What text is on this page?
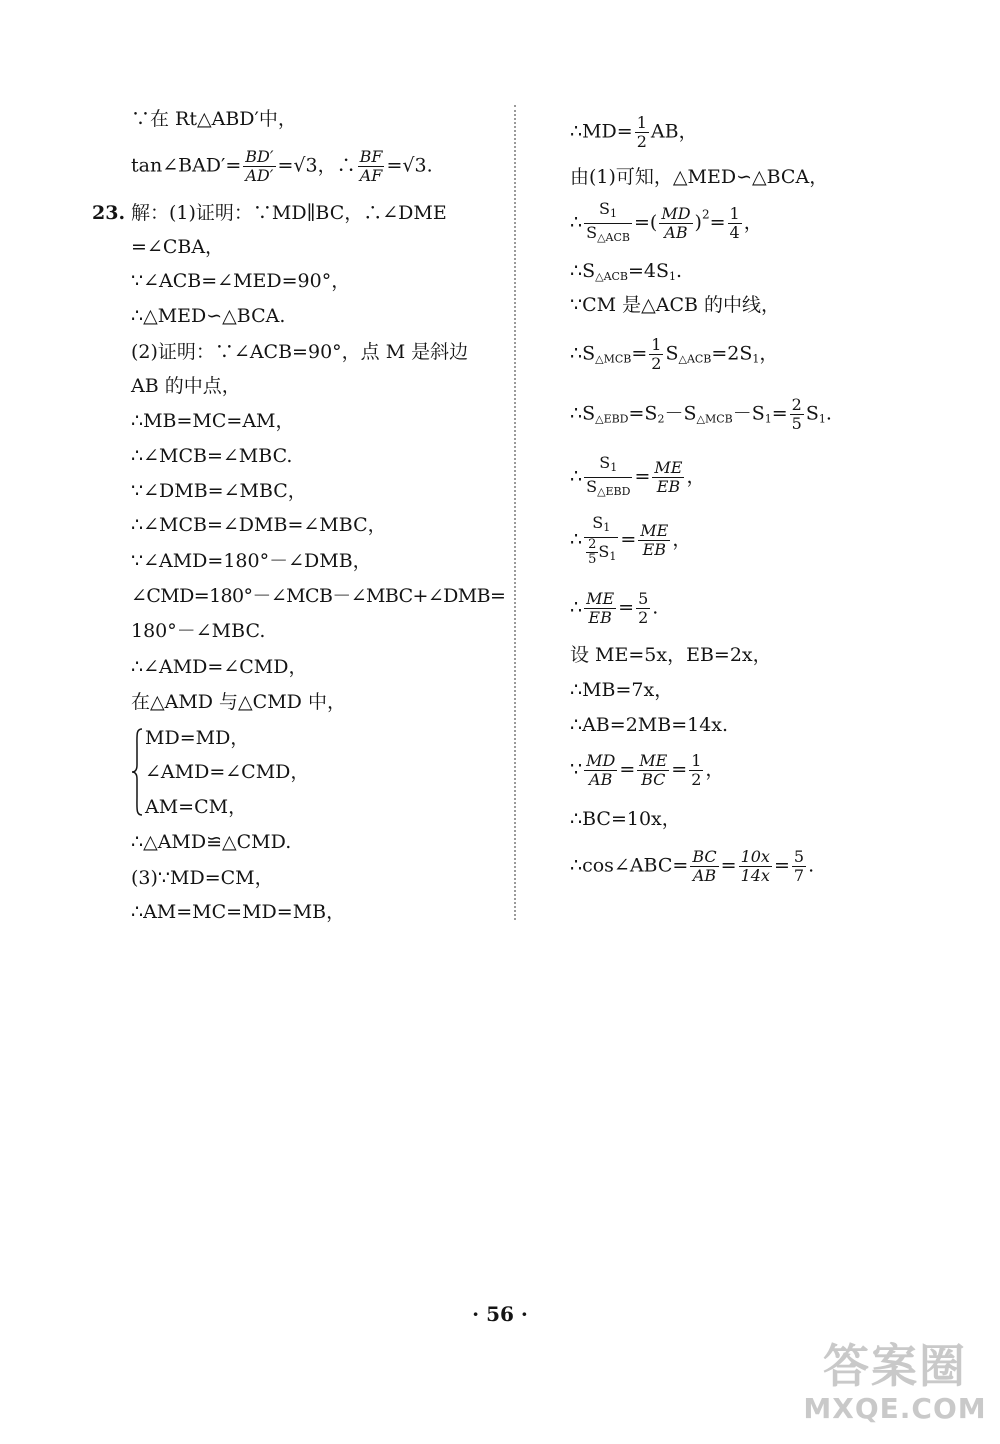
∵在 Rt△ABD′中，
tan∠BAD′= $\frac{BD'}{AD'} =√3$，∴ $\frac{BF}{AF} =√3$.
23. 解：(1)证明：∵MD∥BC，∴∠DME
=∠CBA，
∵∠ACB=∠MED=90°，
∴△MED∽△BCA.
(2)证明：∵∠ACB=90°，点 M 是斜边
AB 的中点，
∴MB=MC=AM，
∴∠MCB=∠MBC.
∵∠DMB=∠MBC，
∴∠MCB=∠DMB=∠MBC，
∵∠AMD=180°－∠DMB，
∠CMD=180°－∠MCB－∠MBC+∠DMB=
180°－∠MBC.
∴∠AMD=∠CMD，
在△AMD 与△CMD 中，
MD=MD，
∠AMD=∠CMD，
AM=CM，
∴△AMD≌△CMD.
(3)∵MD=CM，
∴AM=MC=MD=MB，
∴MD= $\frac{1}{2}$ AB，
由(1)可知，△MED∽△BCA，
∴ $\frac{S_1}{S_{\triangle ACB}}$ =( $\frac{MD}{AB} )^2= \frac{1}{4}$ ，
$\therefore S_{\triangle ACB}=4S_1$.
∵CM 是△ACB 的中线，
$\therefore S_{\triangle MCB}= \frac{1}{2} S_{\triangle ACB}=2S_1$，
$\therefore S_{\triangle EBD}=S_2-S_{\triangle MCB}-S_1= \frac{2}{5} S_1$.
∴ $\frac{S_1}{S_{\triangle EBD}} = \frac{ME}{EB}$ ，
∴ $\frac{S_1}{\frac{2}{5} S_1} = \frac{ME}{EB}$ ，
∴ $\frac{ME}{EB} = \frac{5}{2}$ .
设 ME=5x，EB=2x，
∴MB=7x，
∴AB=2MB=14x.
∵ $\frac{MD}{AB} = \frac{ME}{BC} = \frac{1}{2}$ ，
∴BC=10x，
∴cos∠ABC= $\frac{BC}{AB} = \frac{10x}{14x} = \frac{5}{7}$ .
· 56 ·
答案圈
MXQE.COM
